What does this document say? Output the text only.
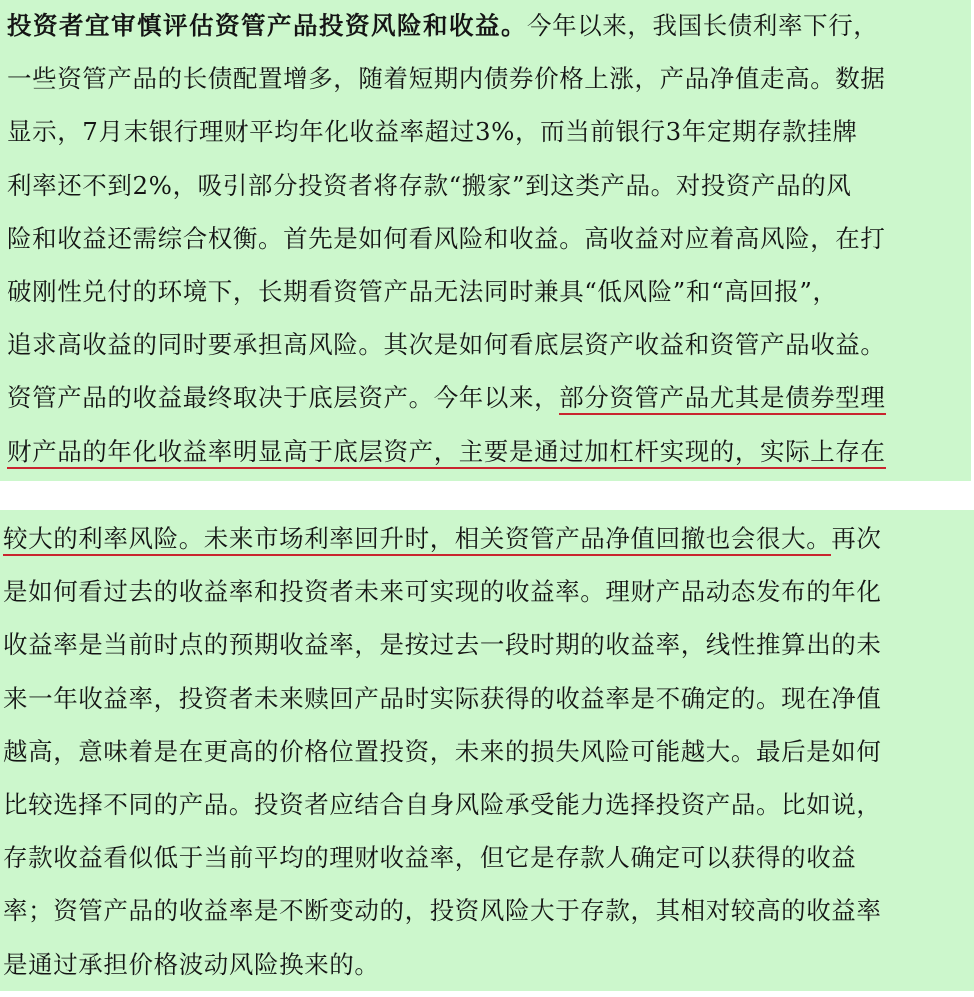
投资者宜审慎评估资管产品投资风险和收益。今年以来，我国长债利率下行，
一些资管产品的长债配置增多，随着短期内债券价格上涨，产品净值走高。数据
显示，7月末银行理财平均年化收益率超过3%，而当前银行3年定期存款挂牌
利率还不到2%，吸引部分投资者将存款“搬家”到这类产品。对投资产品的风
险和收益还需综合权衡。首先是如何看风险和收益。高收益对应着高风险，在打
破刚性兑付的环境下，长期看资管产品无法同时兼具“低风险”和“高回报”，
追求高收益的同时要承担高风险。其次是如何看底层资产收益和资管产品收益。
资管产品的收益最终取决于底层资产。今年以来，部分资管产品尤其是债券型理
财产品的年化收益率明显高于底层资产，主要是通过加杠杆实现的，实际上存在
较大的利率风险。未来市场利率回升时，相关资管产品净值回撤也会很大。再次
是如何看过去的收益率和投资者未来可实现的收益率。理财产品动态发布的年化
收益率是当前时点的预期收益率，是按过去一段时期的收益率，线性推算出的未
来一年收益率，投资者未来赎回产品时实际获得的收益率是不确定的。现在净值
越高，意味着是在更高的价格位置投资，未来的损失风险可能越大。最后是如何
比较选择不同的产品。投资者应结合自身风险承受能力选择投资产品。比如说，
存款收益看似低于当前平均的理财收益率，但它是存款人确定可以获得的收益
率；资管产品的收益率是不断变动的，投资风险大于存款，其相对较高的收益率
是通过承担价格波动风险换来的。
